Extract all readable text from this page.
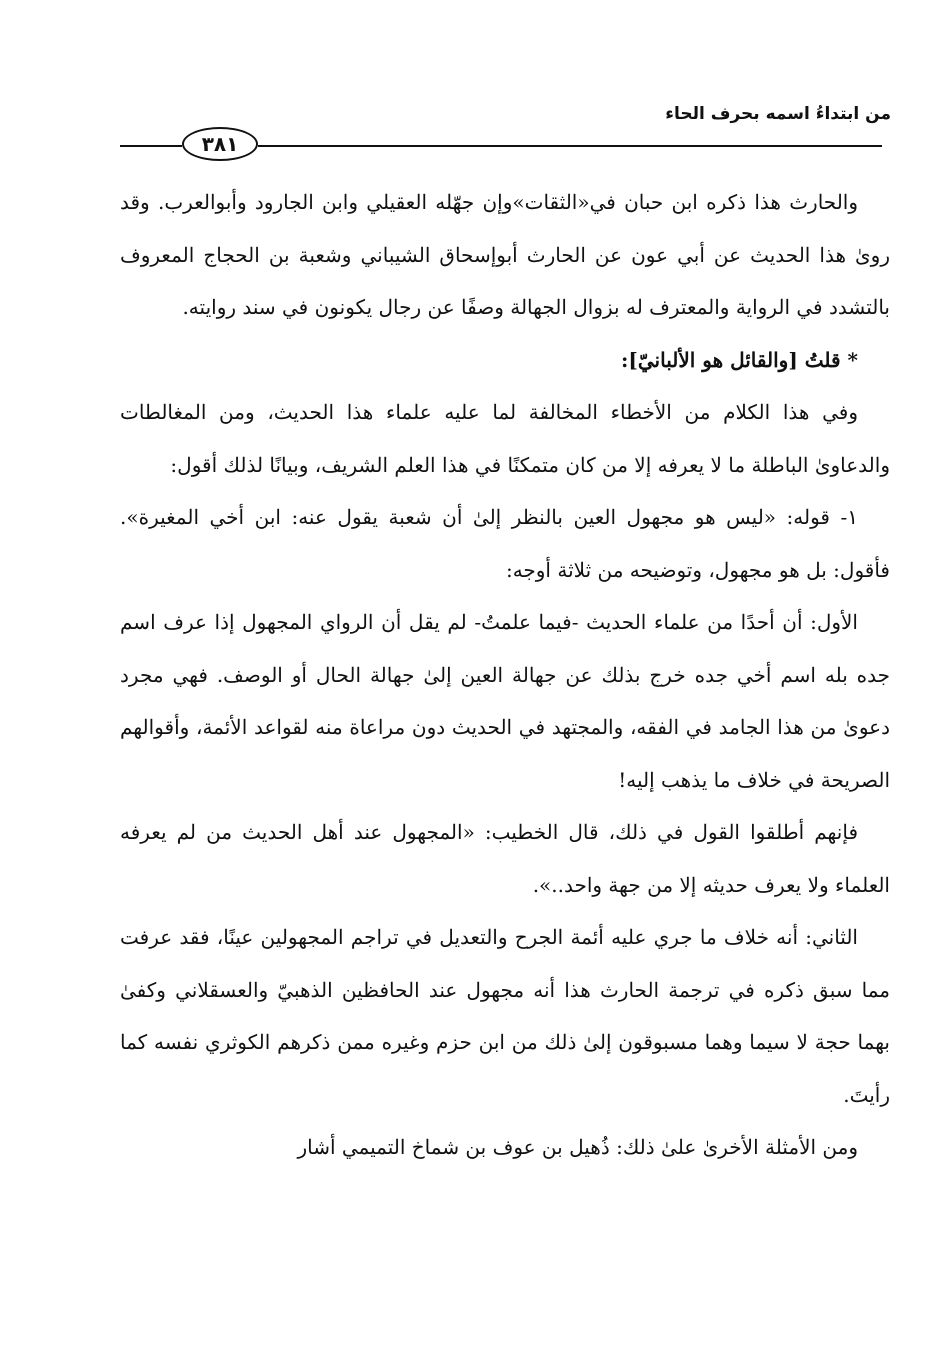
من ابتداءُ اسمه بحرف الحاء
٣٨١

والحارث هذا ذكره ابن حبان في«الثقات»وإن جهّله العقيلي وابن الجارود وأبوالعرب. وقد رویٰ هذا الحديث عن أبي عون عن الحارث أبوإسحاق الشيباني وشعبة بن الحجاج المعروف بالتشدد في الرواية والمعترف له بزوال الجهالة وصفًا عن رجال يكونون في سند روايته.

* قلتُ [والقائل هو الألبانيّ]:

وفي هذا الكلام من الأخطاء المخالفة لما عليه علماء هذا الحديث، ومن المغالطات والدعاویٰ الباطلة ما لا يعرفه إلا من كان متمكنًا في هذا العلم الشريف، وبيانًا لذلك أقول:

١- قوله: «ليس هو مجهول العين بالنظر إلىٰ أن شعبة يقول عنه: ابن أخي المغيرة». فأقول: بل هو مجهول، وتوضيحه من ثلاثة أوجه:

الأول: أن أحدًا من علماء الحديث -فيما علمتُ- لم يقل أن الرواي المجهول إذا عرف اسم جده بله اسم أخي جده خرج بذلك عن جهالة العين إلىٰ جهالة الحال أو الوصف. فهي مجرد دعویٰ من هذا الجامد في الفقه، والمجتهد في الحديث دون مراعاة منه لقواعد الأئمة، وأقوالهم الصريحة في خلاف ما يذهب إليه!

فإنهم أطلقوا القول في ذلك، قال الخطيب: «المجهول عند أهل الحديث من لم يعرفه العلماء ولا يعرف حديثه إلا من جهة واحد..».

الثاني: أنه خلاف ما جري عليه أئمة الجرح والتعديل في تراجم المجهولين عينًا، فقد عرفت مما سبق ذكره في ترجمة الحارث هذا أنه مجهول عند الحافظين الذهبيّ والعسقلاني وكفیٰ بهما حجة لا سيما وهما مسبوقون إلیٰ ذلك من ابن حزم وغيره ممن ذكرهم الكوثري نفسه كما رأيتَ.

ومن الأمثلة الأخریٰ علیٰ ذلك: ذُهيل بن عوف بن شماخ التميمي أشار
